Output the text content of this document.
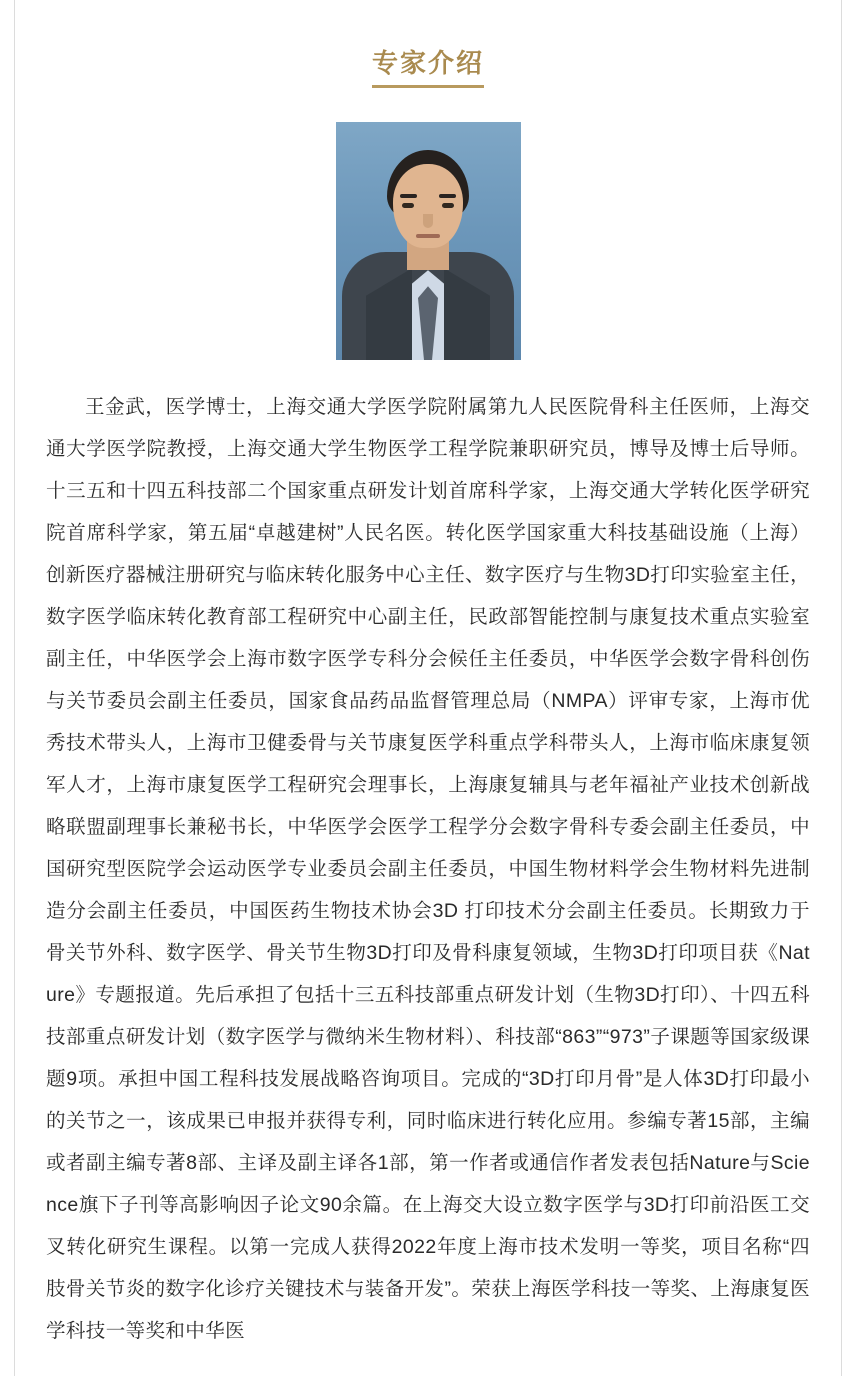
专家介绍

王金武，医学博士，上海交通大学医学院附属第九人民医院骨科主任医师，上海交通大学医学院教授，上海交通大学生物医学工程学院兼职研究员，博导及博士后导师。十三五和十四五科技部二个国家重点研发计划首席科学家，上海交通大学转化医学研究院首席科学家，第五届“卓越建树”人民名医。转化医学国家重大科技基础设施（上海）创新医疗器械注册研究与临床转化服务中心主任、数字医疗与生物3D打印实验室主任，数字医学临床转化教育部工程研究中心副主任，民政部智能控制与康复技术重点实验室副主任，中华医学会上海市数字医学专科分会候任主任委员，中华医学会数字骨科创伤与关节委员会副主任委员，国家食品药品监督管理总局（NMPA）评审专家，上海市优秀技术带头人，上海市卫健委骨与关节康复医学科重点学科带头人，上海市临床康复领军人才，上海市康复医学工程研究会理事长，上海康复辅具与老年福祉产业技术创新战略联盟副理事长兼秘书长，中华医学会医学工程学分会数字骨科专委会副主任委员，中国研究型医院学会运动医学专业委员会副主任委员，中国生物材料学会生物材料先进制造分会副主任委员，中国医药生物技术协会3D 打印技术分会副主任委员。长期致力于骨关节外科、数字医学、骨关节生物3D打印及骨科康复领域，生物3D打印项目获《Nature》专题报道。先后承担了包括十三五科技部重点研发计划（生物3D打印）、十四五科技部重点研发计划（数字医学与微纳米生物材料）、科技部“863”“973”子课题等国家级课题9项。承担中国工程科技发展战略咨询项目。完成的“3D打印月骨”是人体3D打印最小的关节之一，该成果已申报并获得专利，同时临床进行转化应用。参编专著15部，主编或者副主编专著8部、主译及副主译各1部，第一作者或通信作者发表包括Nature与Science旗下子刊等高影响因子论文90余篇。在上海交大设立数字医学与3D打印前沿医工交叉转化研究生课程。以第一完成人获得2022年度上海市技术发明一等奖，项目名称“四肢骨关节炎的数字化诊疗关键技术与装备开发”。荣获上海医学科技一等奖、上海康复医学科技一等奖和中华医
